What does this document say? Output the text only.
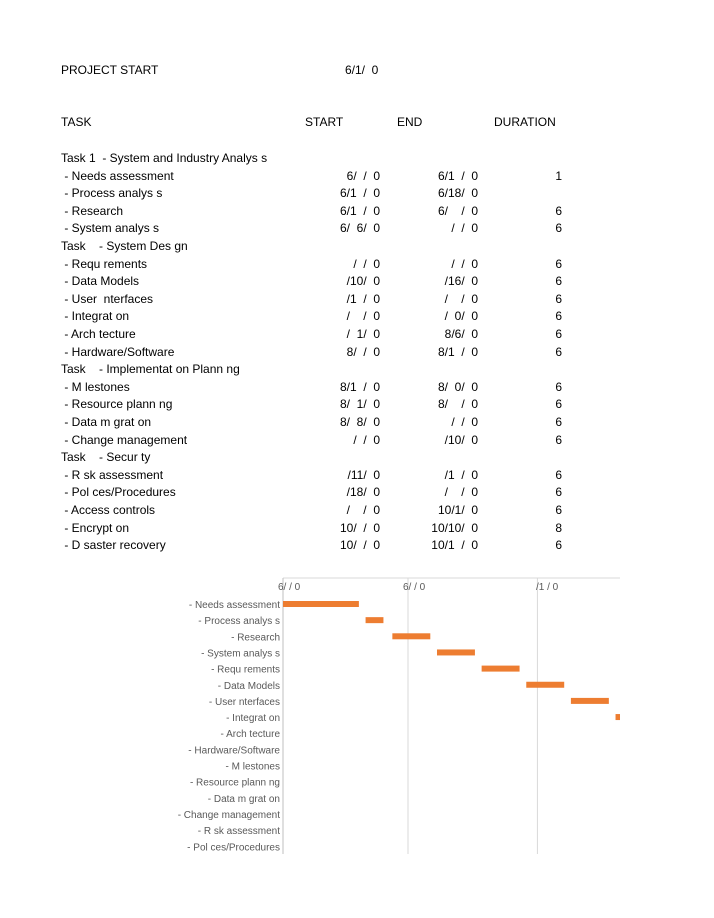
PROJECT START	6/1/  0
TASK	START	END	DURATION
Task 1  - System and Industry Analys s
- Needs assessment	6/  /  0	6/1  /  0	1
- Process analys s	6/1  /  0	6/18/  0
- Research	6/1  /  0	6/    /  0	6
- System analys s	6/  6/  0	/  /  0	6
Task    - System Des gn
- Requ rements	/  /  0	/  /  0	6
- Data Models	/10/  0	/16/  0	6
- User  nterfaces	/1  /  0	/    /  0	6
- Integrat on	/    /  0	/  0/  0	6
- Arch tecture	/  1/  0	8/6/  0	6
- Hardware/Software	8/  /  0	8/1  /  0	6
Task    - Implementat on Plann ng
- M lestones	8/1  /  0	8/  0/  0	6
- Resource plann ng	8/  1/  0	8/    /  0	6
- Data m grat on	8/  8/  0	/  /  0	6
- Change management	/  /  0	/10/  0	6
Task    - Secur ty
- R sk assessment	/11/  0	/1  /  0	6
- Pol ces/Procedures	/18/  0	/    /  0	6
- Access controls	/    /  0	10/1/  0	6
- Encrypt on	10/  /  0	10/10/  0	8
- D saster recovery	10/  /  0	10/1  /  0	6
6/ / 0	6/ / 0	/1 / 0
- Needs assessment
- Process analys s
- Research
- System analys s
- Requ rements
- Data Models
- User nterfaces
- Integrat on
- Arch tecture
- Hardware/Software
- M lestones
- Resource plann ng
- Data m grat on
- Change management
- R sk assessment
- Pol ces/Procedures
